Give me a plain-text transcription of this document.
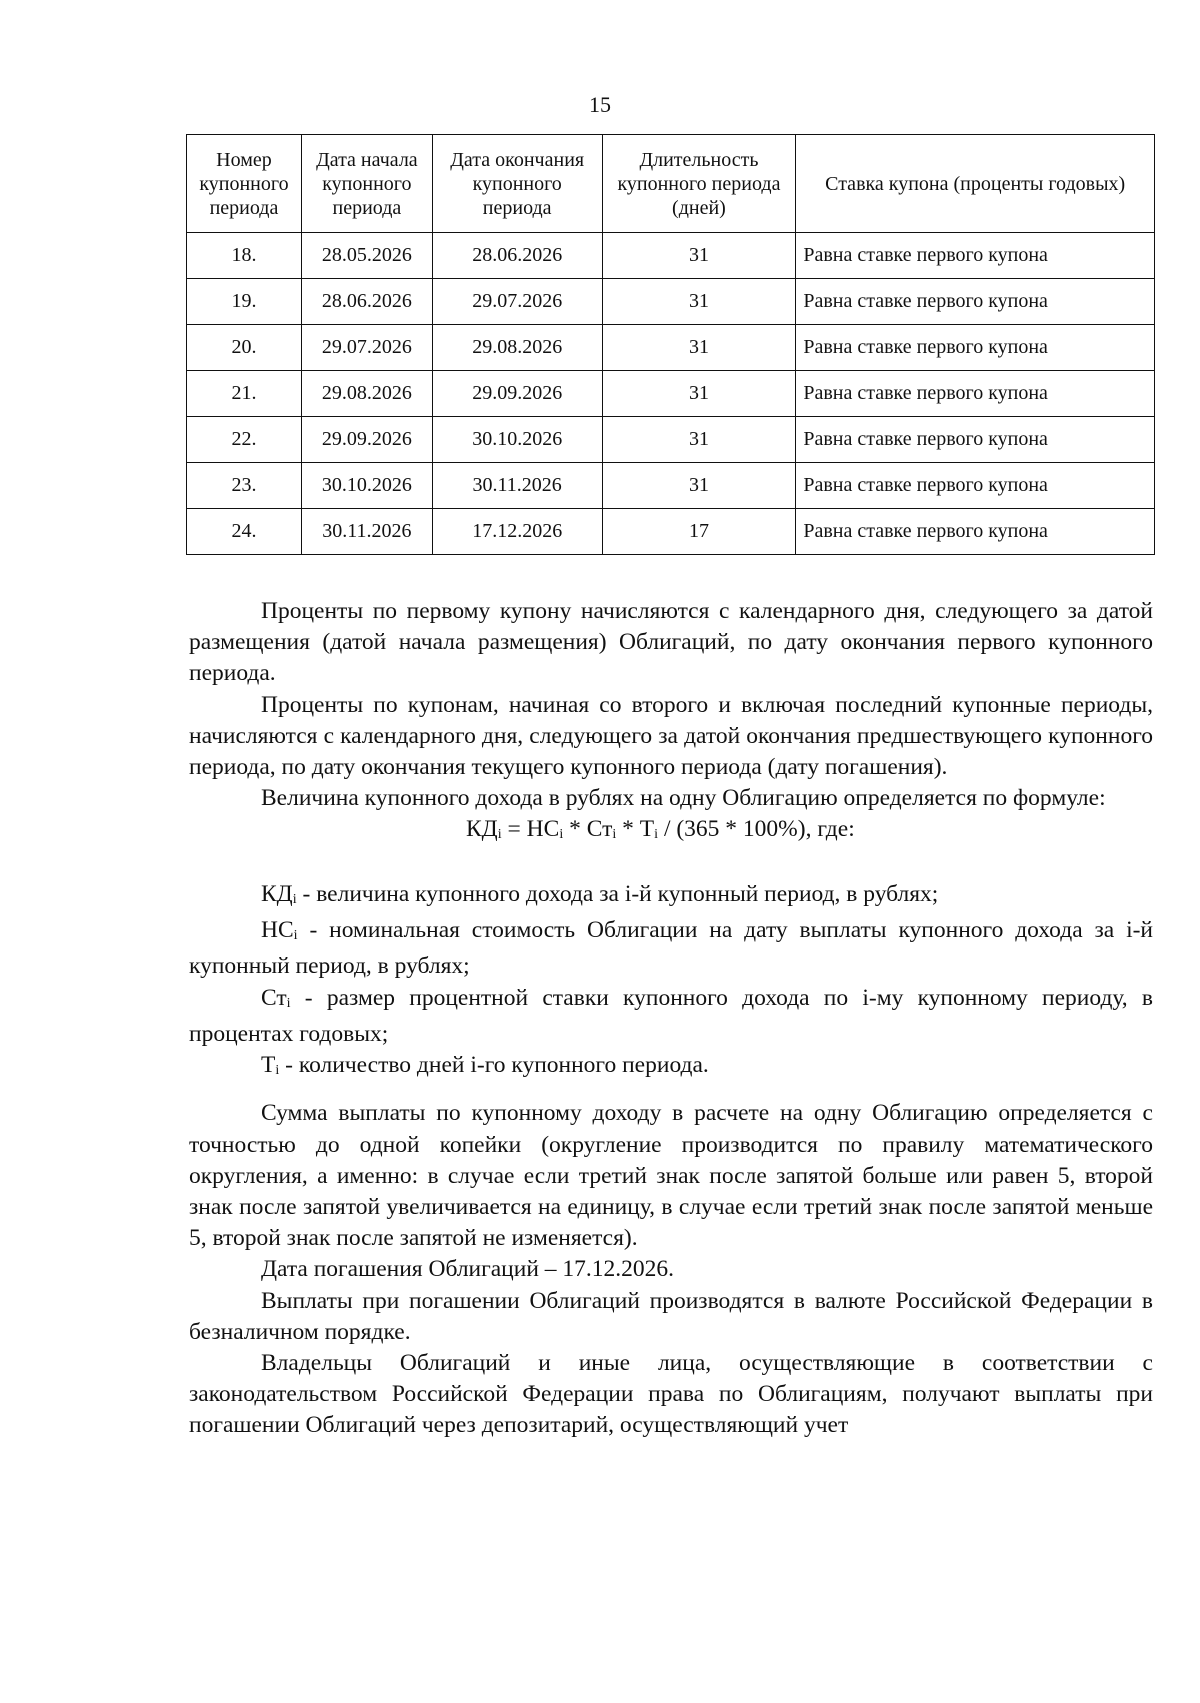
15
Номер купонного периода	Дата начала купонного периода	Дата окончания купонного периода	Длительность купонного периода (дней)	Ставка купона (проценты годовых)
18.	28.05.2026	28.06.2026	31	Равна ставке первого купона
19.	28.06.2026	29.07.2026	31	Равна ставке первого купона
20.	29.07.2026	29.08.2026	31	Равна ставке первого купона
21.	29.08.2026	29.09.2026	31	Равна ставке первого купона
22.	29.09.2026	30.10.2026	31	Равна ставке первого купона
23.	30.10.2026	30.11.2026	31	Равна ставке первого купона
24.	30.11.2026	17.12.2026	17	Равна ставке первого купона

Проценты по первому купону начисляются с календарного дня, следующего за датой размещения (датой начала размещения) Облигаций, по дату окончания первого купонного периода.

Проценты по купонам, начиная со второго и включая последний купонные периоды, начисляются с календарного дня, следующего за датой окончания предшествующего купонного периода, по дату окончания текущего купонного периода (дату погашения).

Величина купонного дохода в рублях на одну Облигацию определяется по формуле:

$КД_i = НС_i * Ст_i * Т_i / (365 * 100\%)$, где:

$КД_i$ - величина купонного дохода за i-й купонный период, в рублях;

$НС_i$ - номинальная стоимость Облигации на дату выплаты купонного дохода за i-й купонный период, в рублях;

$Ст_i$ - размер процентной ставки купонного дохода по i-му купонному периоду, в процентах годовых;

$Т_i$ - количество дней i-го купонного периода.

Сумма выплаты по купонному доходу в расчете на одну Облигацию определяется с точностью до одной копейки (округление производится по правилу математического округления, а именно: в случае если третий знак после запятой больше или равен 5, второй знак после запятой увеличивается на единицу, в случае если третий знак после запятой меньше 5, второй знак после запятой не изменяется).

Дата погашения Облигаций – 17.12.2026.

Выплаты при погашении Облигаций производятся в валюте Российской Федерации в безналичном порядке.

Владельцы Облигаций и иные лица, осуществляющие в соответствии с законодательством Российской Федерации права по Облигациям, получают выплаты при погашении Облигаций через депозитарий, осуществляющий учет
